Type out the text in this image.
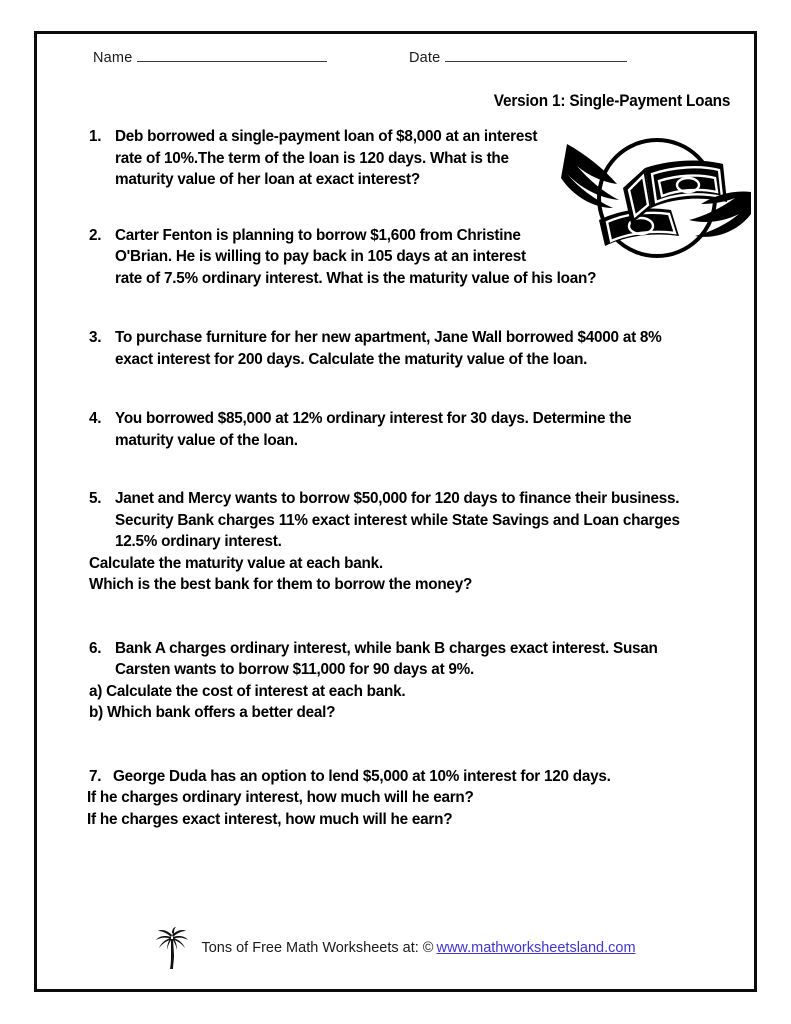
Name	Date
Version 1: Single-Payment Loans
1. Deb borrowed a single-payment loan of $8,000 at an interest
rate of 10%.The term of the loan is 120 days. What is the
maturity value of her loan at exact interest?
2. Carter Fenton is planning to borrow $1,600 from Christine
O'Brian. He is willing to pay back in 105 days at an interest
rate of 7.5% ordinary interest. What is the maturity value of his loan?
3. To purchase furniture for her new apartment, Jane Wall borrowed $4000 at 8%
exact interest for 200 days. Calculate the maturity value of the loan.
4. You borrowed $85,000 at 12% ordinary interest for 30 days. Determine the
maturity value of the loan.
5. Janet and Mercy wants to borrow $50,000 for 120 days to finance their business.
Security Bank charges 11% exact interest while State Savings and Loan charges
12.5% ordinary interest.
Calculate the maturity value at each bank.
Which is the best bank for them to borrow the money?
6. Bank A charges ordinary interest, while bank B charges exact interest. Susan
Carsten wants to borrow $11,000 for 90 days at 9%.
a) Calculate the cost of interest at each bank.
b) Which bank offers a better deal?
7. George Duda has an option to lend $5,000 at 10% interest for 120 days.
If he charges ordinary interest, how much will he earn?
If he charges exact interest, how much will he earn?
Tons of Free Math Worksheets at: © www.mathworksheetsland.com
